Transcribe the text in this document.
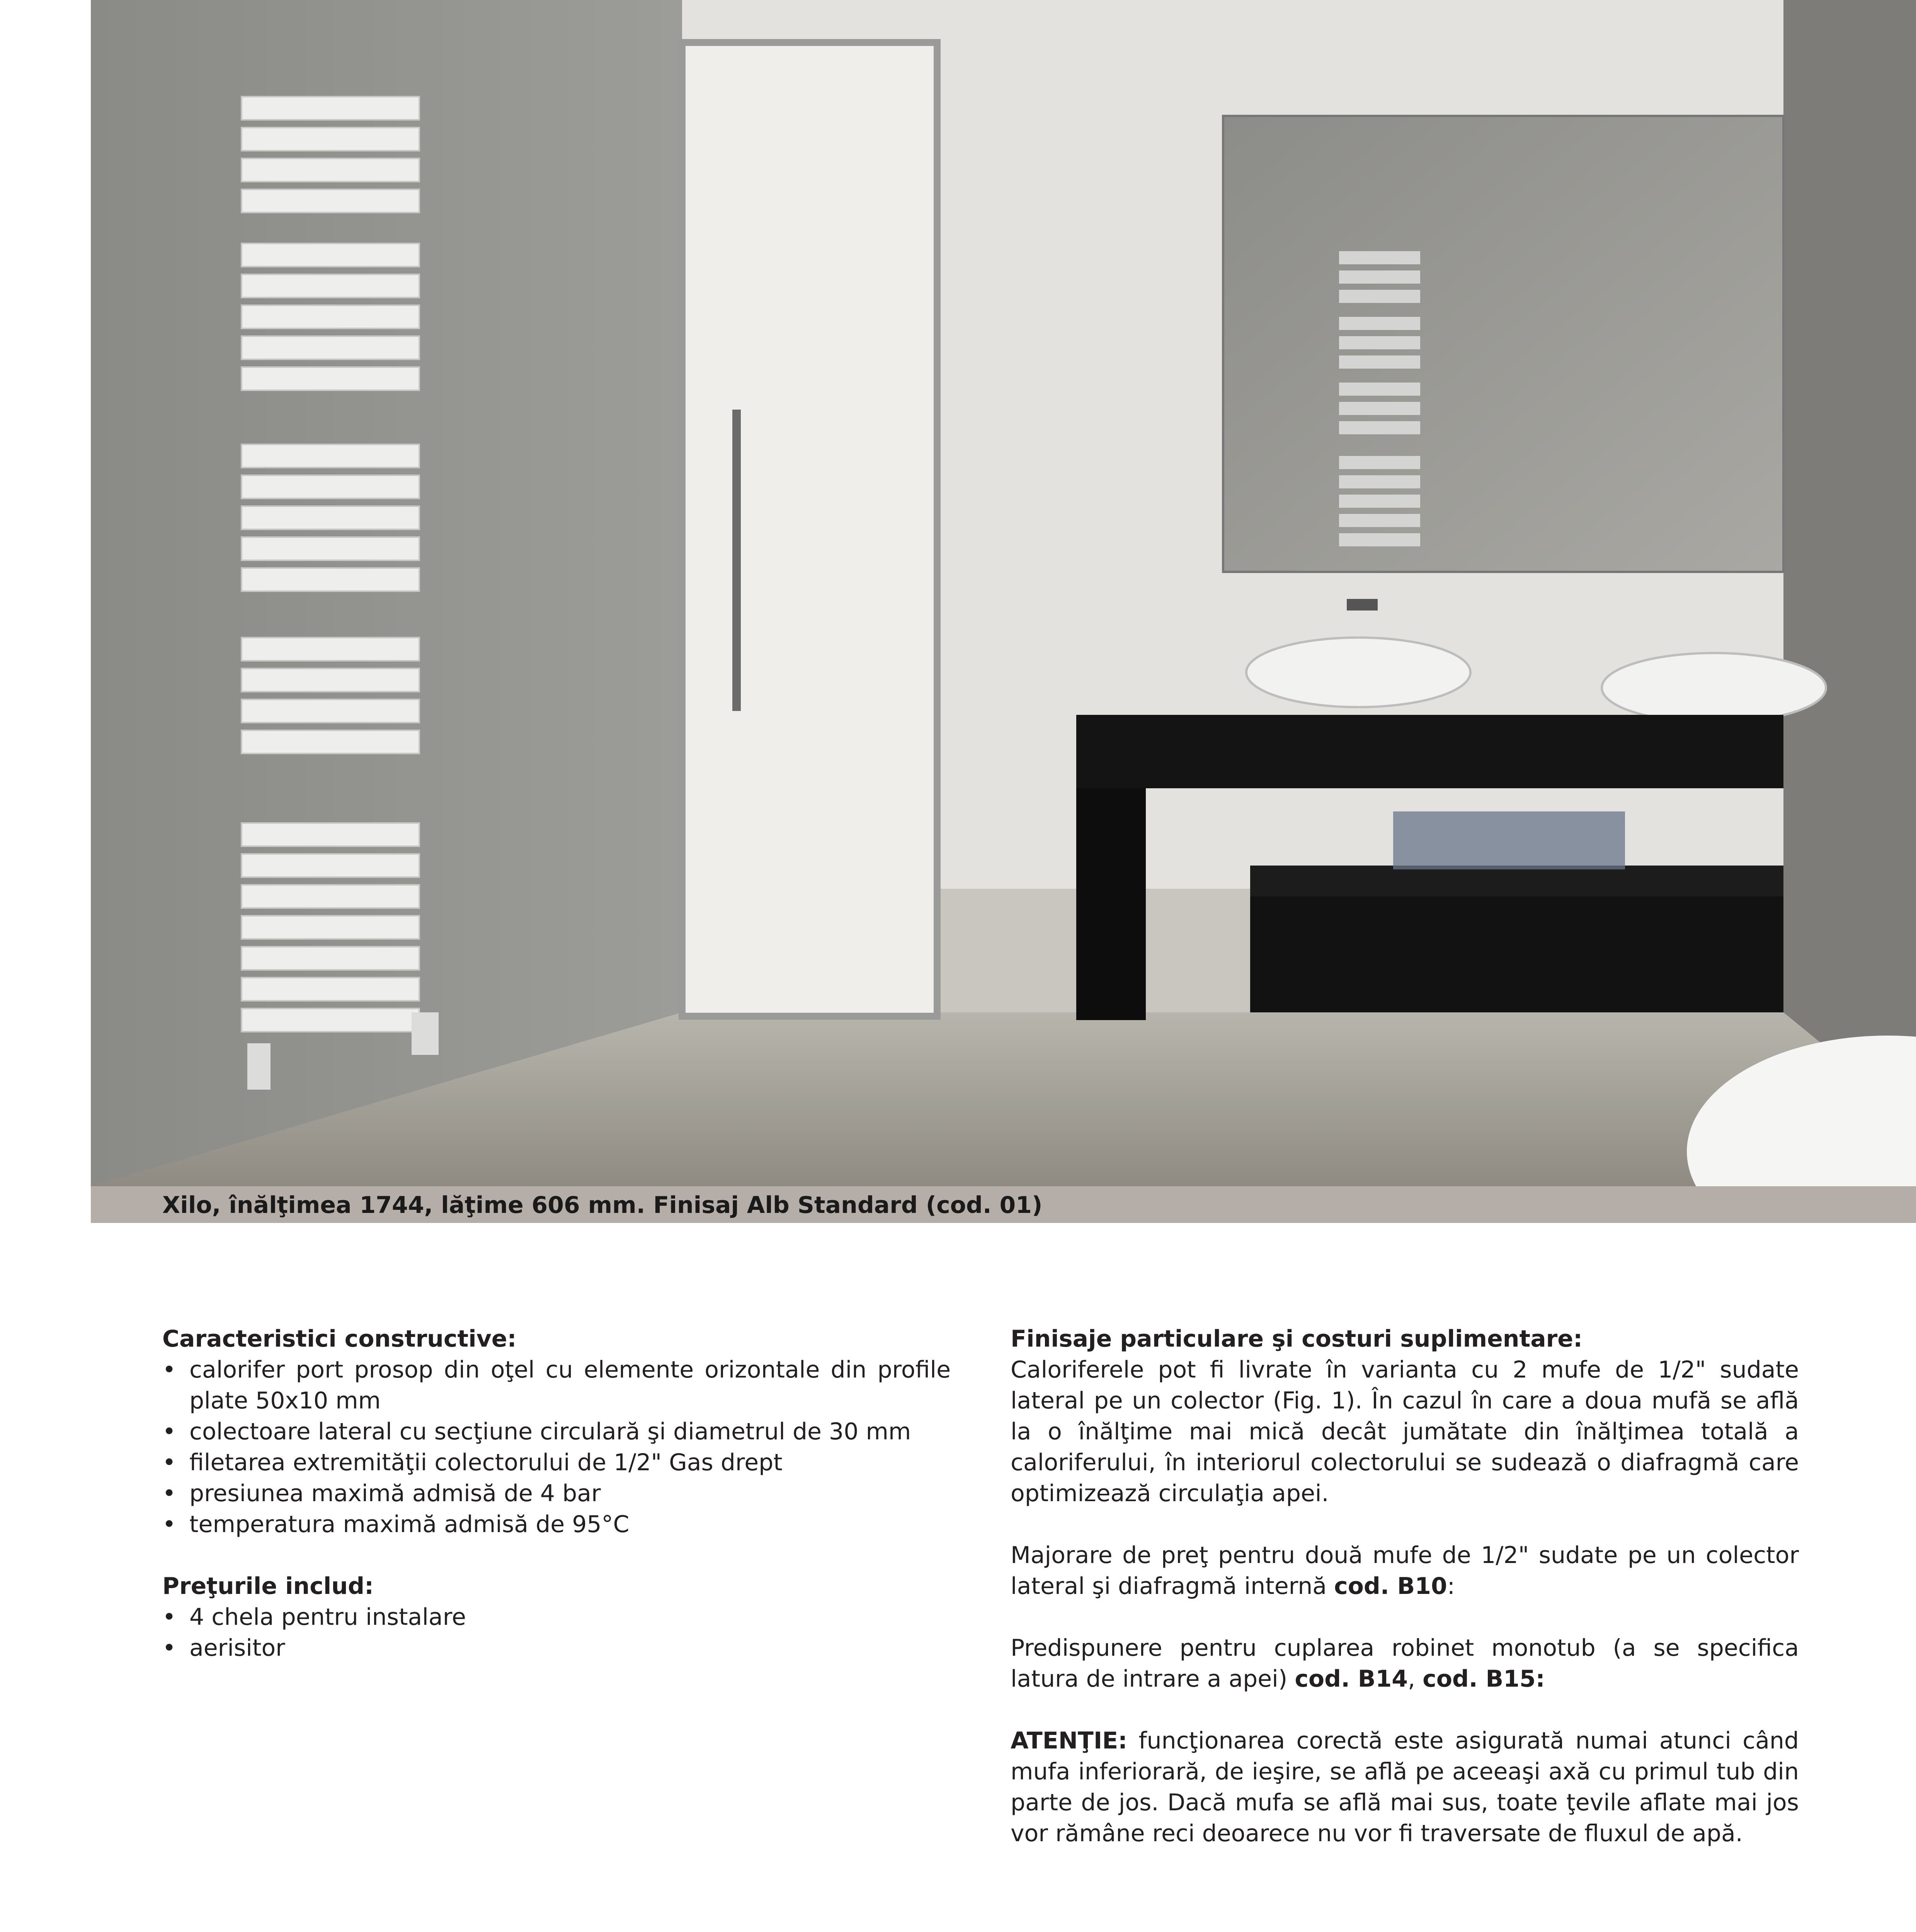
Xilo, înălţimea 1744, lăţime 606 mm. Finisaj Alb Standard (cod. 01)
Caracteristici constructive:
• calorifer port prosop din oţel cu elemente orizontale din profile plate 50x10 mm
• colectoare lateral cu secţiune circulară şi diametrul de 30 mm
• filetarea extremităţii colectorului de 1/2" Gas drept
• presiunea maximă admisă de 4 bar
• temperatura maximă admisă de 95°C
Preţurile includ:
• 4 chela pentru instalare
• aerisitor
Finisaje particulare şi costuri suplimentare:

Caloriferele pot fi livrate în varianta cu 2 mufe de 1/2" sudate lateral pe un colector (Fig. 1). În cazul în care a doua mufă se află la o înălţime mai mică decât jumătate din înălţimea totală a caloriferului, în interiorul colectorului se sudează o diafragmă care optimizează circulaţia apei.

Majorare de preţ pentru două mufe de 1/2" sudate pe un colector lateral şi diafragmă internă cod. B10:

Predispunere pentru cuplarea robinet monotub (a se specifica latura de intrare a apei) cod. B14, cod. B15:

ATENŢIE: funcţionarea corectă este asigurată numai atunci când mufa inferiorară, de ieşire, se află pe aceeaşi axă cu primul tub din parte de jos. Dacă mufa se află mai sus, toate ţevile aflate mai jos vor rămâne reci deoarece nu vor fi traversate de fluxul de apă.
